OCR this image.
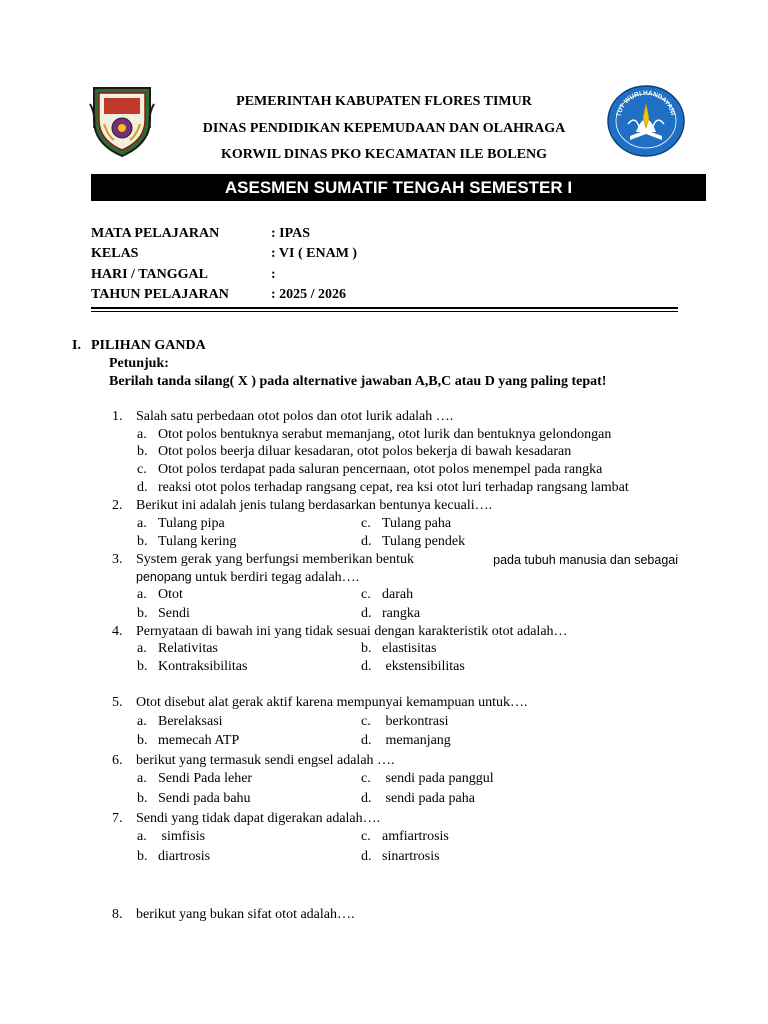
TUT WURI HANDAYANI
PEMERINTAH KABUPATEN FLORES TIMUR
DINAS PENDIDIKAN KEPEMUDAAN DAN OLAHRAGA
KORWIL DINAS PKO KECAMATAN ILE BOLENG
ASESMEN SUMATIF TENGAH SEMESTER I
MATA PELAJARAN	: IPAS
KELAS	: VI ( ENAM )
HARI / TANGGAL	:
TAHUN PELAJARAN	: 2025 / 2026
I. PILIHAN GANDA
Petunjuk:
Berilah tanda silang( X ) pada alternative jawaban A,B,C atau D yang paling tepat!
1. Salah satu perbedaan otot polos dan otot lurik adalah ….
a. Otot polos bentuknya serabut memanjang, otot lurik dan bentuknya gelondongan
b. Otot polos beerja diluar kesadaran, otot polos bekerja di bawah kesadaran
c. Otot polos terdapat pada saluran pencernaan, otot polos menempel pada rangka
d. reaksi otot polos terhadap rangsang cepat, rea ksi otot luri terhadap rangsang lambat
2. Berikut ini adalah jenis tulang berdasarkan bentunya kecuali….
a. Tulang pipa	c. Tulang paha
b. Tulang kering	d. Tulang pendek
3. System gerak yang berfungsi memberikan bentuk	pada tubuh manusia dan sebagai
penopang untuk berdiri tegag adalah….
a. Otot	c. darah
b. Sendi	d. rangka
4. Pernyataan di bawah ini yang tidak sesuai dengan karakteristik otot adalah…
a. Relativitas	b. elastisitas
b. Kontraksibilitas	d. ekstensibilitas
5. Otot disebut alat gerak aktif karena mempunyai kemampuan untuk….
a. Berelaksasi	c. berkontrasi
b. memecah ATP	d. memanjang
6. berikut yang termasuk sendi engsel adalah ….
a. Sendi Pada leher	c. sendi pada panggul
b. Sendi pada bahu	d. sendi pada paha
7. Sendi yang tidak dapat digerakan adalah….
a. simfisis	c. amfiartrosis
b. diartrosis	d. sinartrosis
8. berikut yang bukan sifat otot adalah….
